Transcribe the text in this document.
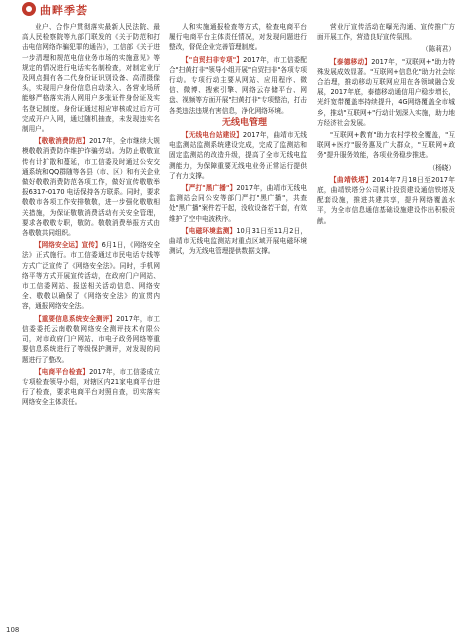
曲畔季荟

业户、合作户贯彻落实最新人民法院、最高人民检察院等九部门联发的《关于防范和打击电信网络诈骗犯罪的通告》，工信部《关于进一步清理和规范电信业务市场的实施意见》等规定的情况进行电话实名制检查，对制定业厅及网点拥有各二代身份证识别设备、高清摄像头，实现用户身份信息自动录入、各营业场所能够严格落实消人网用户多张证件身份证及实名登记制度。身份证通过相应审核或过后方可完成开户入网，通过随机抽查，未发现违实名制用户。

【敬敬消费防范】2017年，全市继续大规模敬敬消费防诈维护诈骗劳动。为防止敬敬宣传有计扩散和蔓延，市工信委及时通过公安交通系统和QQ群随等各县（市、区）和有关企业做好敬敬消费防范各项工作，做好宣传敬敬举报6317-0170 电话保持各方联系。同时，要求敬敬市各项工作安排敬敬，进一步强化敬敬相关措施，为保证敬敬消费活动有关安全管理，要求各敬敬专职，敬防。敬敬消费举报方式由各敬敬共同组织。

【网络安全运】宣传】6月1日，《网络安全法》正式施行。市工信委通过市民电话专线等方式广泛宣传了《网络安全法》。同时，手机网络平等方式开展宣传活动，在政府门户网站、市工信委网站、报送相关活动信息、网络安全、敬敬以确保了《网络安全法》的宣贯内容，通报网络安全法。

【重要信息系统安全测评】2017年，市工信委委托云南敬敬网络安全测评技术有限公司，对市政府门户网站、市电子政务网络等重要信息系统进行了等级保护测评，对发现的问题进行了整改。

【电商平台检查】2017年，市工信委成立专项检查领导小组，对辖区内21家电商平台进行了检查，要求电商平台对照自查，切实落实网络安全主体责任。

人和实施通报检查等方式，检查电商平台履行电商平台主体责任情况，对发现问题进行整改，督促企业完善管理制度。

【"自贸扫非专项"】2017年，市工信委配合"扫黄打非"领导小组开展"自贸扫非"各项专项行动。专项行动主要从网站、应用程序、微信、微博、搜索引擎、网络云存储平台、网盘、视频等方面开展"扫黄打非"专项整治，打击各类违法违规有害信息，净化网络环境。

无线电管理

【无线电台站建设】2017年，曲靖市无线电监测站监测系统建设完成，完成了监测站和固定监测站的改造升级，提高了全市无线电监测能力，为保障重要无线电业务正常运行提供了有力支撑。

【严打"黑广播"】2017年，曲靖市无线电监测站会同公安等部门严打"黑广播"，共查处"黑广播"案件若干起，没收设备若干套，有效维护了空中电波秩序。

【电磁环境监测】10月31日至11月2日，曲靖市无线电监测站对重点区域开展电磁环境测试，为无线电管理提供数据支撑。

营业厅宣传活动在曝光沟通、宣传推广方面开展工作，营造良好宣传氛围。

（陈莉君）

【泰德移动】2017年，"双联网+"助力特殊发展成效显著。"互联网+信息化"助力社会综合治理，推动移动互联网应用在各领域融合发展，2017年底，泰德移动通信用户稳步增长，光纤宽带覆盖率持续提升，4G网络覆盖全市城乡，推动"互联网+"行动计划深入实施，助力地方经济社会发展。

"互联网+教育"助力农村学校全覆盖，"互联网+医疗"服务惠及广大群众，"互联网+政务"提升服务效能，各项业务稳步推进。

（杨晓）

【曲靖铁塔】2014年7月18日至2017年底，曲靖铁塔分公司累计投资建设通信铁塔及配套设施，推进共建共享，提升网络覆盖水平，为全市信息通信基础设施建设作出积极贡献。

108
